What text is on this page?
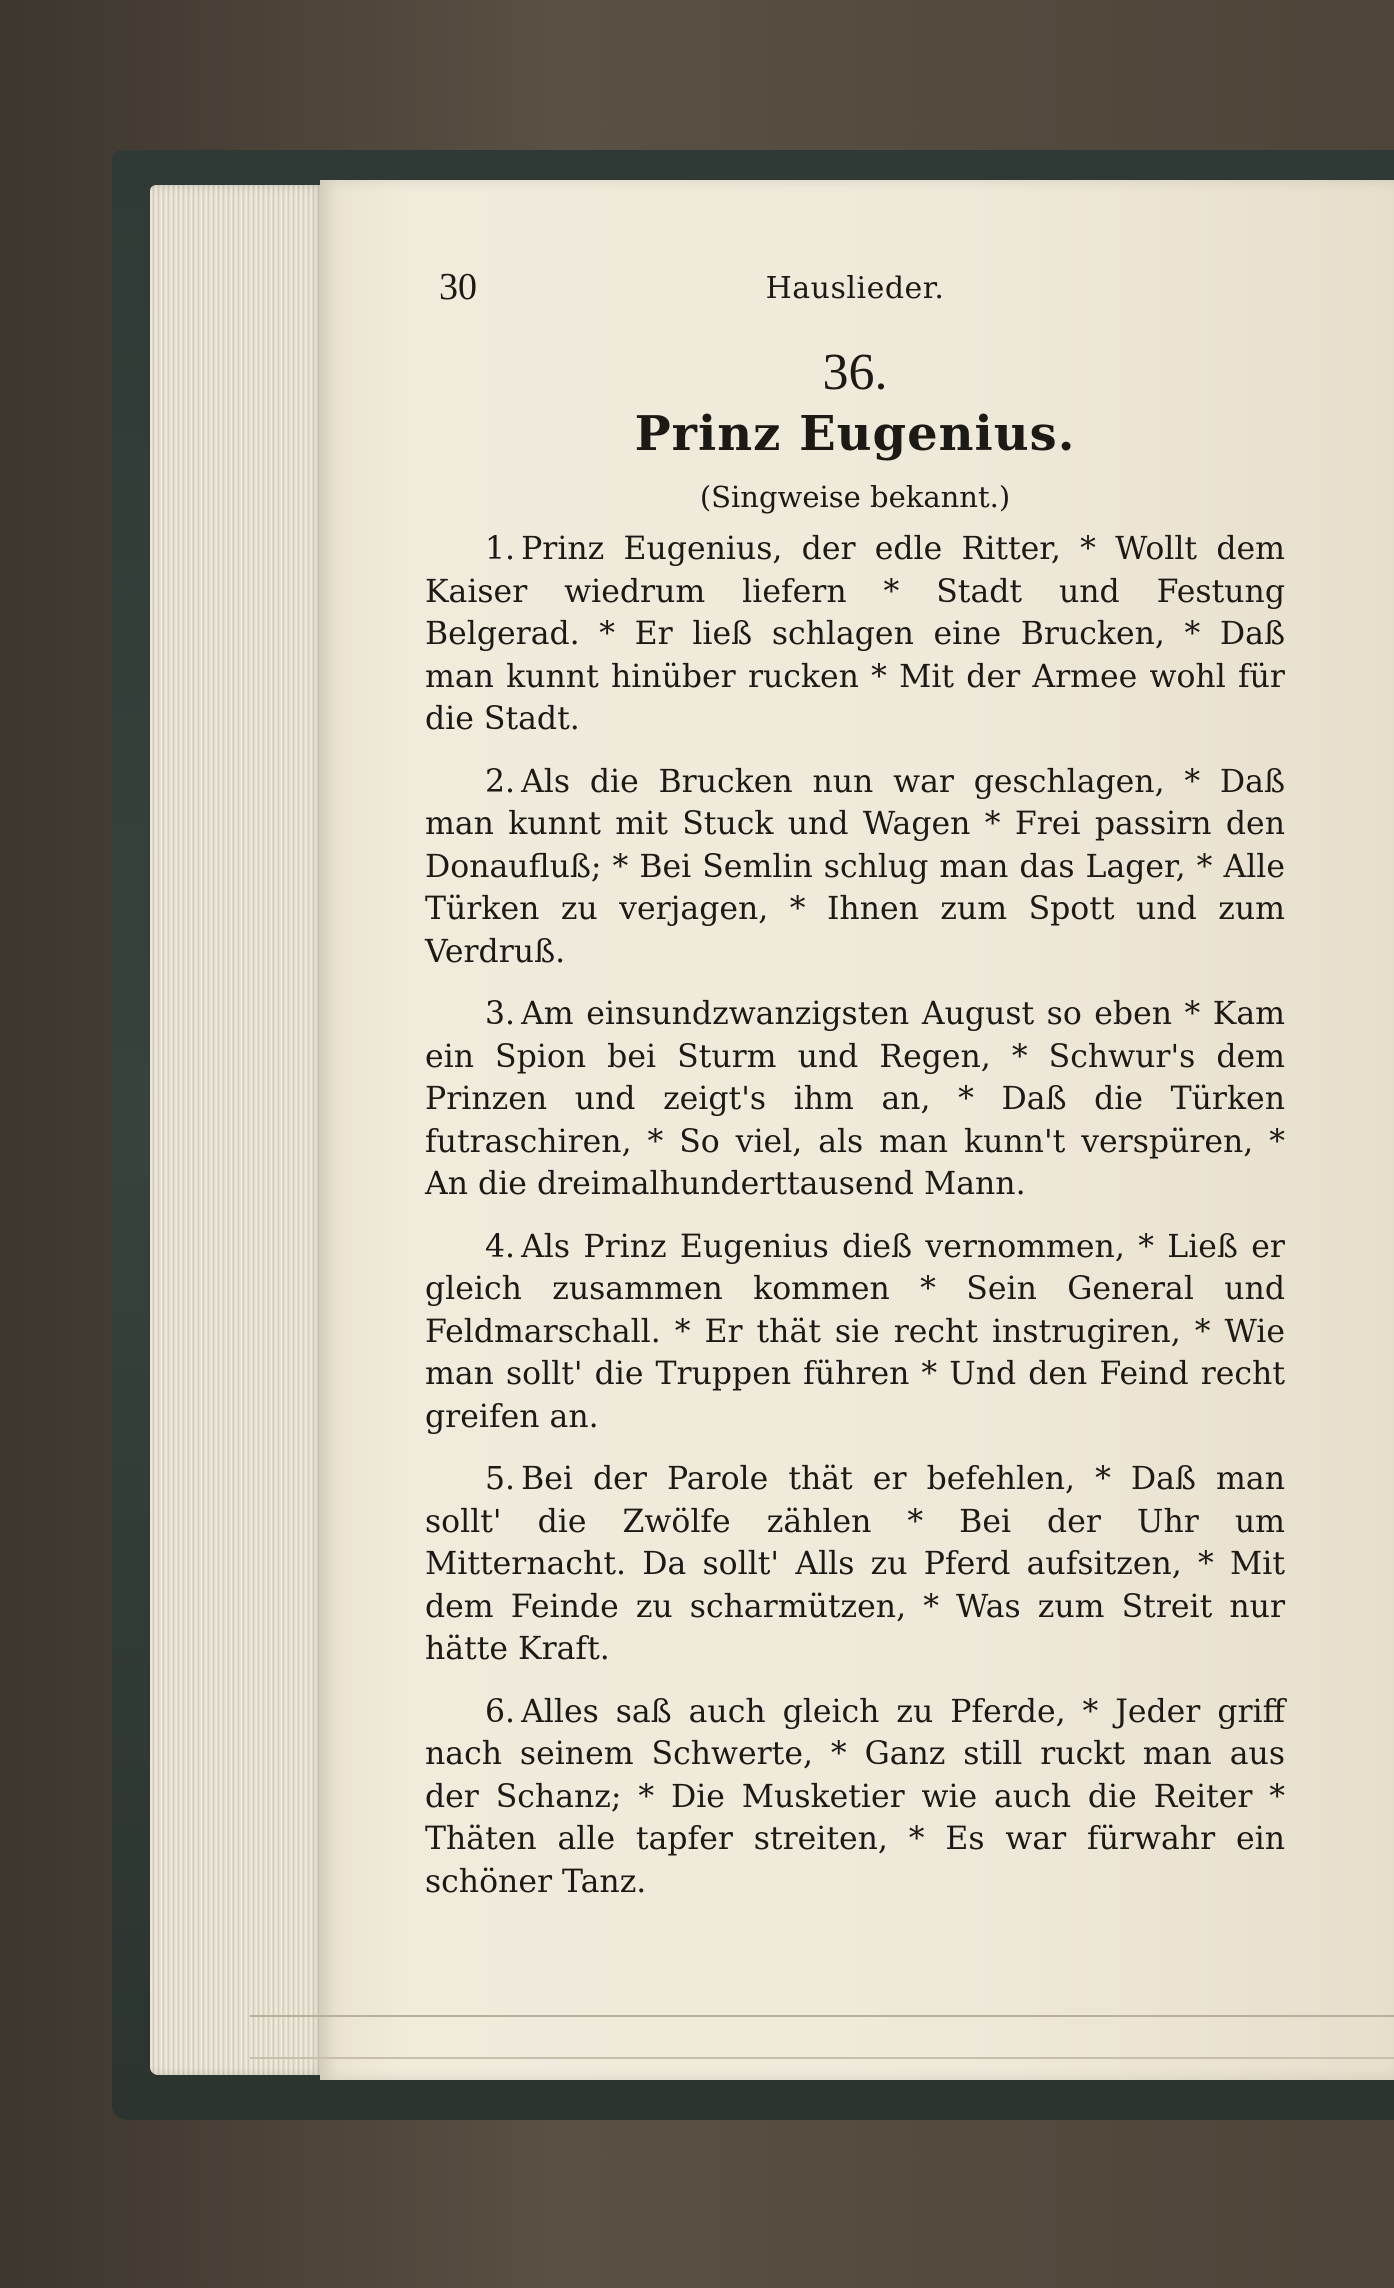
30	Hauslieder.
36.
Prinz Eugenius.
(Singweise bekannt.)

1. Prinz Eugenius, der edle Ritter, * Wollt dem Kaiser wiedrum liefern * Stadt und Festung Belgerad. * Er ließ schlagen eine Brucken, * Daß man kunnt hinüber rucken * Mit der Armee wohl für die Stadt.

2. Als die Brucken nun war geschlagen, * Daß man kunnt mit Stuck und Wagen * Frei passirn den Donaufluß; * Bei Semlin schlug man das Lager, * Alle Türken zu verjagen, * Ihnen zum Spott und zum Verdruß.

3. Am einsundzwanzigsten August so eben * Kam ein Spion bei Sturm und Regen, * Schwur's dem Prinzen und zeigt's ihm an, * Daß die Türken futraschiren, * So viel, als man kunn't verspüren, * An die dreimalhunderttausend Mann.

4. Als Prinz Eugenius dieß vernommen, * Ließ er gleich zusammen kommen * Sein General und Feldmarschall. * Er thät sie recht instrugiren, * Wie man sollt' die Truppen führen * Und den Feind recht greifen an.

5. Bei der Parole thät er befehlen, * Daß man sollt' die Zwölfe zählen * Bei der Uhr um Mitternacht. Da sollt' Alls zu Pferd aufsitzen, * Mit dem Feinde zu scharmützen, * Was zum Streit nur hätte Kraft.

6. Alles saß auch gleich zu Pferde, * Jeder griff nach seinem Schwerte, * Ganz still ruckt man aus der Schanz; * Die Musketier wie auch die Reiter * Thäten alle tapfer streiten, * Es war fürwahr ein schöner Tanz.
